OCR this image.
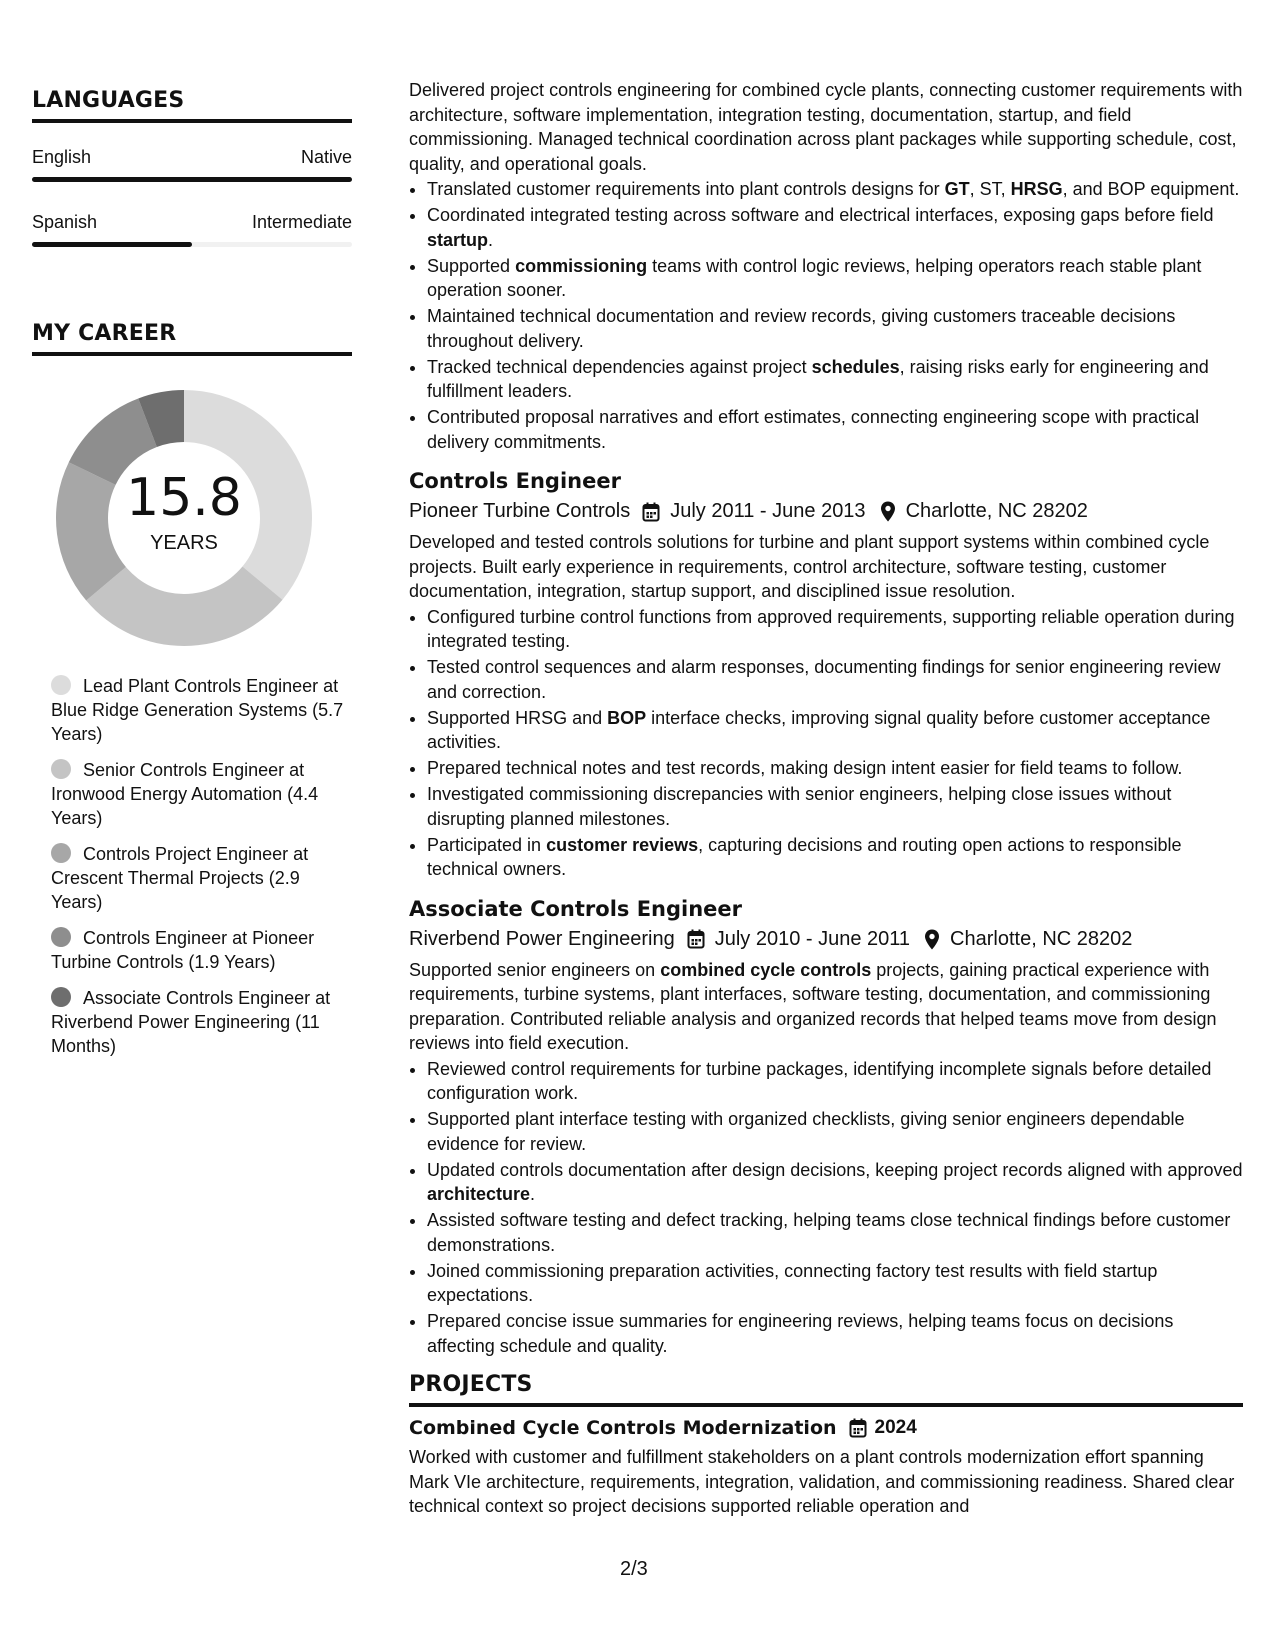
LANGUAGES
English	Native
Spanish	Intermediate
MY CAREER
15.8
YEARS
Lead Plant Controls Engineer at Blue Ridge Generation Systems (5.7 Years)
Senior Controls Engineer at Ironwood Energy Automation (4.4 Years)
Controls Project Engineer at Crescent Thermal Projects (2.9 Years)
Controls Engineer at Pioneer Turbine Controls (1.9 Years)
Associate Controls Engineer at Riverbend Power Engineering (11 Months)

Delivered project controls engineering for combined cycle plants, connecting customer requirements with architecture, software implementation, integration testing, documentation, startup, and field commissioning. Managed technical coordination across plant packages while supporting schedule, cost, quality, and operational goals.

• Translated customer requirements into plant controls designs for GT, ST, HRSG, and BOP equipment.
• Coordinated integrated testing across software and electrical interfaces, exposing gaps before field startup.
• Supported commissioning teams with control logic reviews, helping operators reach stable plant operation sooner.
• Maintained technical documentation and review records, giving customers traceable decisions throughout delivery.
• Tracked technical dependencies against project schedules, raising risks early for engineering and fulfillment leaders.
• Contributed proposal narratives and effort estimates, connecting engineering scope with practical delivery commitments.
Controls Engineer
Pioneer Turbine Controls July 2011 - June 2013 Charlotte, NC 28202

Developed and tested controls solutions for turbine and plant support systems within combined cycle projects. Built early experience in requirements, control architecture, software testing, customer documentation, integration, startup support, and disciplined issue resolution.

• Configured turbine control functions from approved requirements, supporting reliable operation during integrated testing.
• Tested control sequences and alarm responses, documenting findings for senior engineering review and correction.
• Supported HRSG and BOP interface checks, improving signal quality before customer acceptance activities.
• Prepared technical notes and test records, making design intent easier for field teams to follow.
• Investigated commissioning discrepancies with senior engineers, helping close issues without disrupting planned milestones.
• Participated in customer reviews, capturing decisions and routing open actions to responsible technical owners.
Associate Controls Engineer
Riverbend Power Engineering July 2010 - June 2011 Charlotte, NC 28202

Supported senior engineers on combined cycle controls projects, gaining practical experience with requirements, turbine systems, plant interfaces, software testing, documentation, and commissioning preparation. Contributed reliable analysis and organized records that helped teams move from design reviews into field execution.

• Reviewed control requirements for turbine packages, identifying incomplete signals before detailed configuration work.
• Supported plant interface testing with organized checklists, giving senior engineers dependable evidence for review.
• Updated controls documentation after design decisions, keeping project records aligned with approved architecture.
• Assisted software testing and defect tracking, helping teams close technical findings before customer demonstrations.
• Joined commissioning preparation activities, connecting factory test results with field startup expectations.
• Prepared concise issue summaries for engineering reviews, helping teams focus on decisions affecting schedule and quality.
PROJECTS
Combined Cycle Controls Modernization 2024

Worked with customer and fulfillment stakeholders on a plant controls modernization effort spanning Mark VIe architecture, requirements, integration, validation, and commissioning readiness. Shared clear technical context so project decisions supported reliable operation and

2/3
